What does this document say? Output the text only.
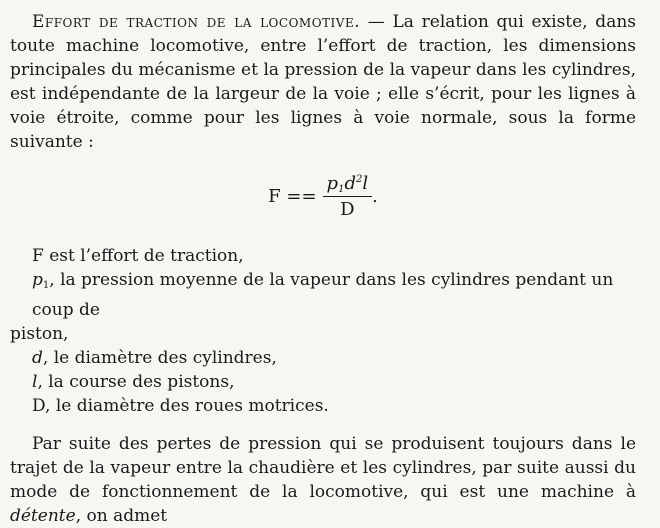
Effort de traction de la locomotive. — La relation qui existe, dans toute machine locomotive, entre l’effort de traction, les dimensions principales du mécanisme et la pression de la vapeur dans les cylindres, est indépendante de la largeur de la voie ; elle s’écrit, pour les lignes à voie étroite, comme pour les lignes à voie normale, sous la forme suivante :

$F == \frac{p_1d^2l}{D}$ .

F est l’effort de traction,

$p_1$, la pression moyenne de la vapeur dans les cylindres pendant un coup de

piston,

d, le diamètre des cylindres,

l, la course des pistons,

D, le diamètre des roues motrices.

Par suite des pertes de pression qui se produisent toujours dans le trajet de la vapeur entre la chaudière et les cylindres, par suite aussi du mode de fonctionnement de la locomotive, qui est une machine à détente, on admet
